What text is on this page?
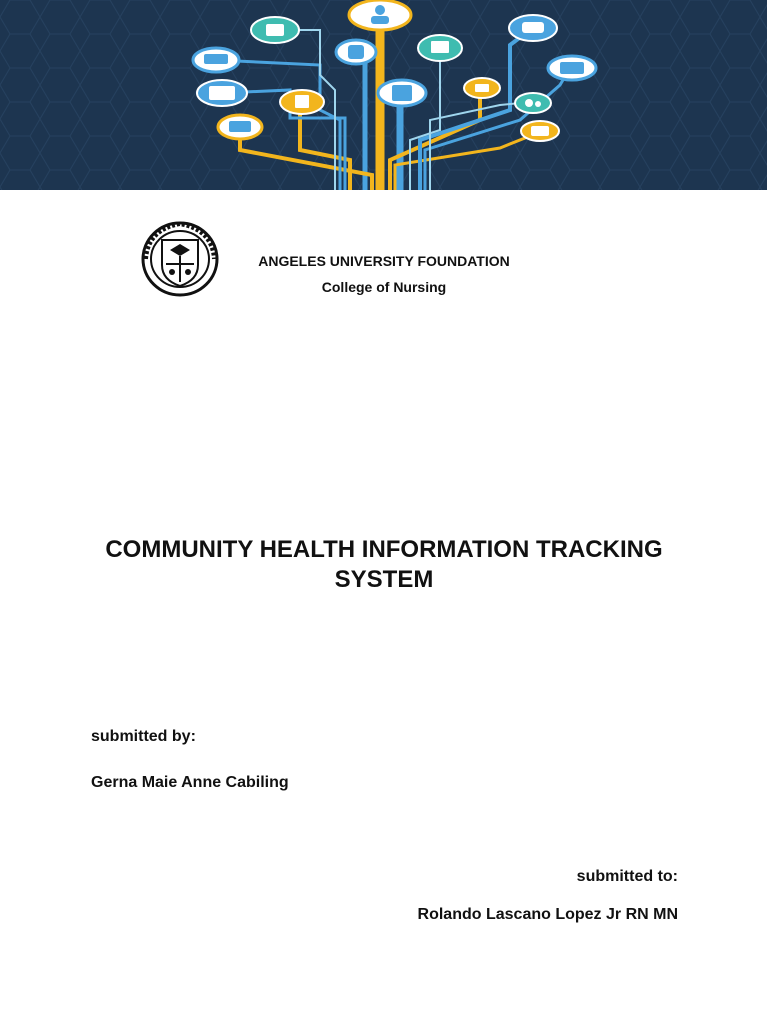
ANGELES UNIVERSITY FOUNDATION
College of Nursing
COMMUNITY HEALTH INFORMATION TRACKING SYSTEM
submitted by:
Gerna Maie Anne Cabiling
submitted to:
Rolando Lascano Lopez Jr RN MN
